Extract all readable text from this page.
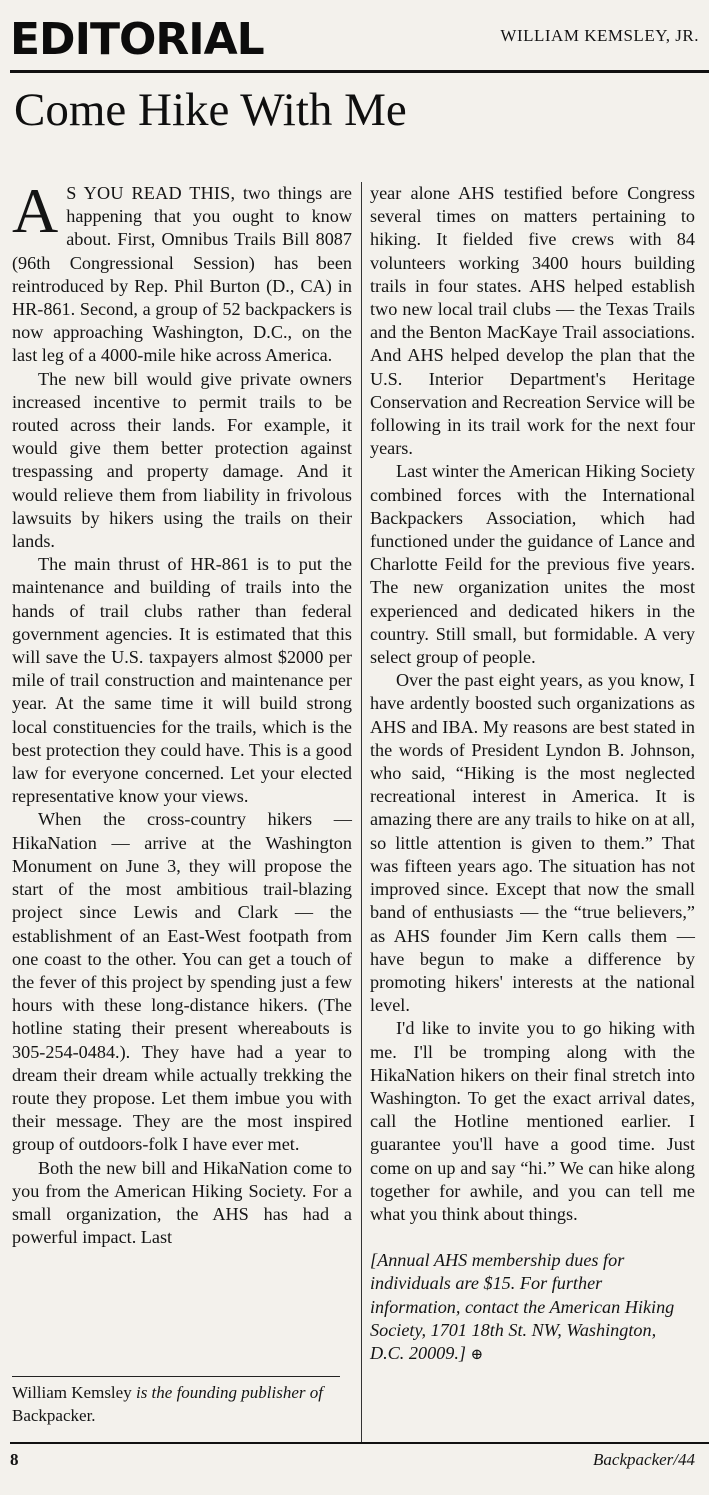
EDITORIAL	WILLIAM KEMSLEY, JR.
Come Hike With Me

A S YOU READ THIS, two things are happening that you ought to know about. First, Omnibus Trails Bill 8087 (96th Congressional Session) has been reintroduced by Rep. Phil Burton (D., CA) in HR-861. Second, a group of 52 backpackers is now approaching Washington, D.C., on the last leg of a 4000-mile hike across America.

The new bill would give private owners increased incentive to permit trails to be routed across their lands. For example, it would give them better protection against trespassing and property damage. And it would relieve them from liability in frivolous lawsuits by hikers using the trails on their lands.

The main thrust of HR-861 is to put the maintenance and building of trails into the hands of trail clubs rather than federal government agencies. It is estimated that this will save the U.S. taxpayers almost $2000 per mile of trail construction and maintenance per year. At the same time it will build strong local constituencies for the trails, which is the best protection they could have. This is a good law for everyone concerned. Let your elected representative know your views.

When the cross-country hikers — HikaNation — arrive at the Washington Monument on June 3, they will propose the start of the most ambitious trail-blazing project since Lewis and Clark — the establishment of an East-West footpath from one coast to the other. You can get a touch of the fever of this project by spending just a few hours with these long-distance hikers. (The hotline stating their present whereabouts is 305-254-0484.). They have had a year to dream their dream while actually trekking the route they propose. Let them imbue you with their message. They are the most inspired group of outdoors-folk I have ever met.

Both the new bill and HikaNation come to you from the American Hiking Society. For a small organization, the AHS has had a powerful impact. Last

year alone AHS testified before Congress several times on matters pertaining to hiking. It fielded five crews with 84 volunteers working 3400 hours building trails in four states. AHS helped establish two new local trail clubs — the Texas Trails and the Benton MacKaye Trail associations. And AHS helped develop the plan that the U.S. Interior Department's Heritage Conservation and Recreation Service will be following in its trail work for the next four years.

Last winter the American Hiking Society combined forces with the International Backpackers Association, which had functioned under the guidance of Lance and Charlotte Feild for the previous five years. The new organization unites the most experienced and dedicated hikers in the country. Still small, but formidable. A very select group of people.

Over the past eight years, as you know, I have ardently boosted such organizations as AHS and IBA. My reasons are best stated in the words of President Lyndon B. Johnson, who said, “Hiking is the most neglected recreational interest in America. It is amazing there are any trails to hike on at all, so little attention is given to them.” That was fifteen years ago. The situation has not improved since. Except that now the small band of enthusiasts — the “true believers,” as AHS founder Jim Kern calls them — have begun to make a difference by promoting hikers' interests at the national level.

I'd like to invite you to go hiking with me. I'll be tromping along with the HikaNation hikers on their final stretch into Washington. To get the exact arrival dates, call the Hotline mentioned earlier. I guarantee you'll have a good time. Just come on up and say “hi.” We can hike along together for awhile, and you can tell me what you think about things.

[Annual AHS membership dues for individuals are $15. For further information, contact the American Hiking Society, 1701 18th St. NW, Washington, D.C. 20009.] ⊕

William Kemsley is the founding publisher of Backpacker.
8	Backpacker/44
